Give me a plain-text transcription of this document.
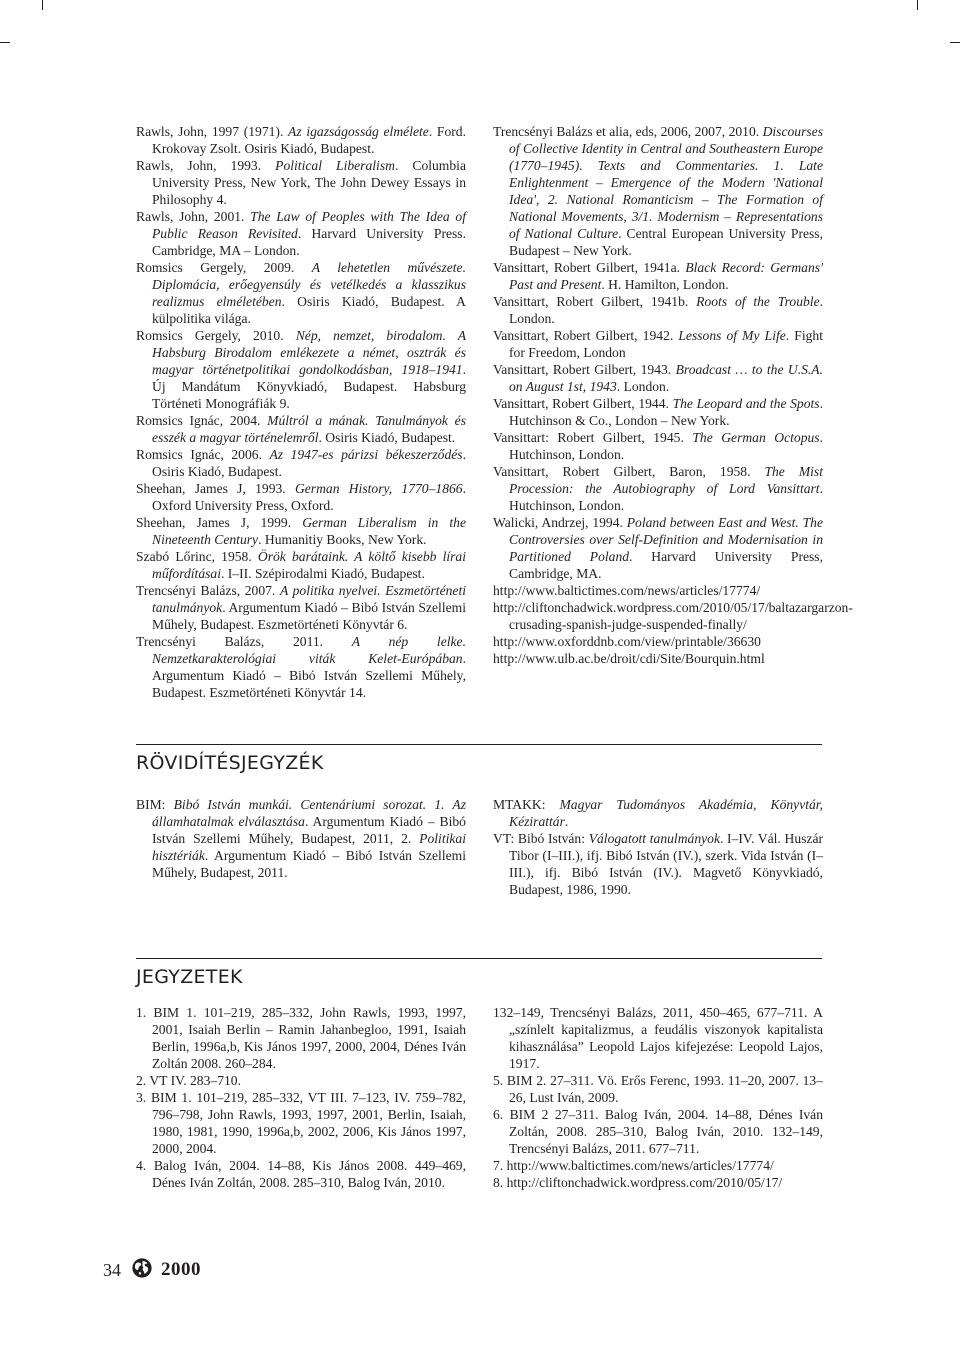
Rawls, John, 1997 (1971). Az igazságosság elmélete. Ford. Krokovay Zsolt. Osiris Kiadó, Budapest.
Rawls, John, 1993. Political Liberalism. Columbia University Press, New York, The John Dewey Essays in Philosophy 4.
Rawls, John, 2001. The Law of Peoples with The Idea of Public Reason Revisited. Harvard University Press. Cambridge, MA – London.
Romsics Gergely, 2009. A lehetetlen művészete. Diplomácia, erőegyensúly és vetélkedés a klasszikus realizmus elméletében. Osiris Kiadó, Budapest. A külpolitika világa.
Romsics Gergely, 2010. Nép, nemzet, birodalom. A Habsburg Birodalom emlékezete a német, osztrák és magyar történetpolitikai gondolkodásban, 1918–1941. Új Mandátum Könyvkiadó, Budapest. Habsburg Történeti Monográfiák 9.
Romsics Ignác, 2004. Múltról a mának. Tanulmányok és esszék a magyar történelemről. Osiris Kiadó, Budapest.
Romsics Ignác, 2006. Az 1947-es párizsi békeszerződés. Osiris Kiadó, Budapest.
Sheehan, James J, 1993. German History, 1770–1866. Oxford University Press, Oxford.
Sheehan, James J, 1999. German Liberalism in the Nineteenth Century. Humanitiy Books, New York.
Szabó Lőrinc, 1958. Örök barátaink. A költő kisebb lírai műfordításai. I–II. Szépirodalmi Kiadó, Budapest.
Trencsényi Balázs, 2007. A politika nyelvei. Eszmetörténeti tanulmányok. Argumentum Kiadó – Bibó István Szellemi Műhely, Budapest. Eszmetörténeti Könyvtár 6.
Trencsényi Balázs, 2011. A nép lelke. Nemzetkarakterológiai viták Kelet-Európában. Argumentum Kiadó – Bibó István Szellemi Műhely, Budapest. Eszmetörténeti Könyvtár 14.
Trencsényi Balázs et alia, eds, 2006, 2007, 2010. Discourses of Collective Identity in Central and Southeastern Europe (1770–1945). Texts and Commentaries. 1. Late Enlightenment – Emergence of the Modern 'National Idea', 2. National Romanticism – The Formation of National Movements, 3/1. Modernism – Representations of National Culture. Central European University Press, Budapest – New York.
Vansittart, Robert Gilbert, 1941a. Black Record: Germans' Past and Present. H. Hamilton, London.
Vansittart, Robert Gilbert, 1941b. Roots of the Trouble. London.
Vansittart, Robert Gilbert, 1942. Lessons of My Life. Fight for Freedom, London
Vansittart, Robert Gilbert, 1943. Broadcast … to the U.S.A. on August 1st, 1943. London.
Vansittart, Robert Gilbert, 1944. The Leopard and the Spots. Hutchinson & Co., London – New York.
Vansittart: Robert Gilbert, 1945. The German Octopus. Hutchinson, London.
Vansittart, Robert Gilbert, Baron, 1958. The Mist Procession: the Autobiography of Lord Vansittart. Hutchinson, London.
Walicki, Andrzej, 1994. Poland between East and West. The Controversies over Self-Definition and Modernisation in Partitioned Poland. Harvard University Press, Cambridge, MA.
http://www.baltictimes.com/news/articles/17774/
http://cliftonchadwick.wordpress.com/2010/05/17/baltazargarzon-crusading-spanish-judge-suspended-finally/
http://www.oxforddnb.com/view/printable/36630
http://www.ulb.ac.be/droit/cdi/Site/Bourquin.html
RÖVIDÍTÉSJEGYZÉK
BIM: Bibó István munkái. Centenáriumi sorozat. 1. Az államhatalmak elválasztása. Argumentum Kiadó – Bibó István Szellemi Műhely, Budapest, 2011, 2. Politikai hisztériák. Argumentum Kiadó – Bibó István Szellemi Műhely, Budapest, 2011.
MTAKK: Magyar Tudományos Akadémia, Könyvtár, Kézirattár.
VT: Bibó István: Válogatott tanulmányok. I–IV. Vál. Huszár Tibor (I–III.), ifj. Bibó István (IV.), szerk. Vida István (I–III.), ifj. Bibó István (IV.). Magvető Könyvkiadó, Budapest, 1986, 1990.
JEGYZETEK
1. BIM 1. 101–219, 285–332, John Rawls, 1993, 1997, 2001, Isaiah Berlin – Ramin Jahanbegloo, 1991, Isaiah Berlin, 1996a,b, Kis János 1997, 2000, 2004, Dénes Iván Zoltán 2008. 260–284.
2. VT IV. 283–710.
3. BIM 1. 101–219, 285–332, VT III. 7–123, IV. 759–782, 796–798, John Rawls, 1993, 1997, 2001, Berlin, Isaiah, 1980, 1981, 1990, 1996a,b, 2002, 2006, Kis János 1997, 2000, 2004.
4. Balog Iván, 2004. 14–88, Kis János 2008. 449–469, Dénes Iván Zoltán, 2008. 285–310, Balog Iván, 2010.
132–149, Trencsényi Balázs, 2011, 450–465, 677–711. A „színlelt kapitalizmus, a feudális viszonyok kapitalista kihasználása” Leopold Lajos kifejezése: Leopold Lajos, 1917.
5. BIM 2. 27–311. Vö. Erős Ferenc, 1993. 11–20, 2007. 13–26, Lust Iván, 2009.
6. BIM 2 27–311. Balog Iván, 2004. 14–88, Dénes Iván Zoltán, 2008. 285–310, Balog Iván, 2010. 132–149, Trencsényi Balázs, 2011. 677–711.
7. http://www.baltictimes.com/news/articles/17774/
8. http://cliftonchadwick.wordpress.com/2010/05/17/
34 2000
